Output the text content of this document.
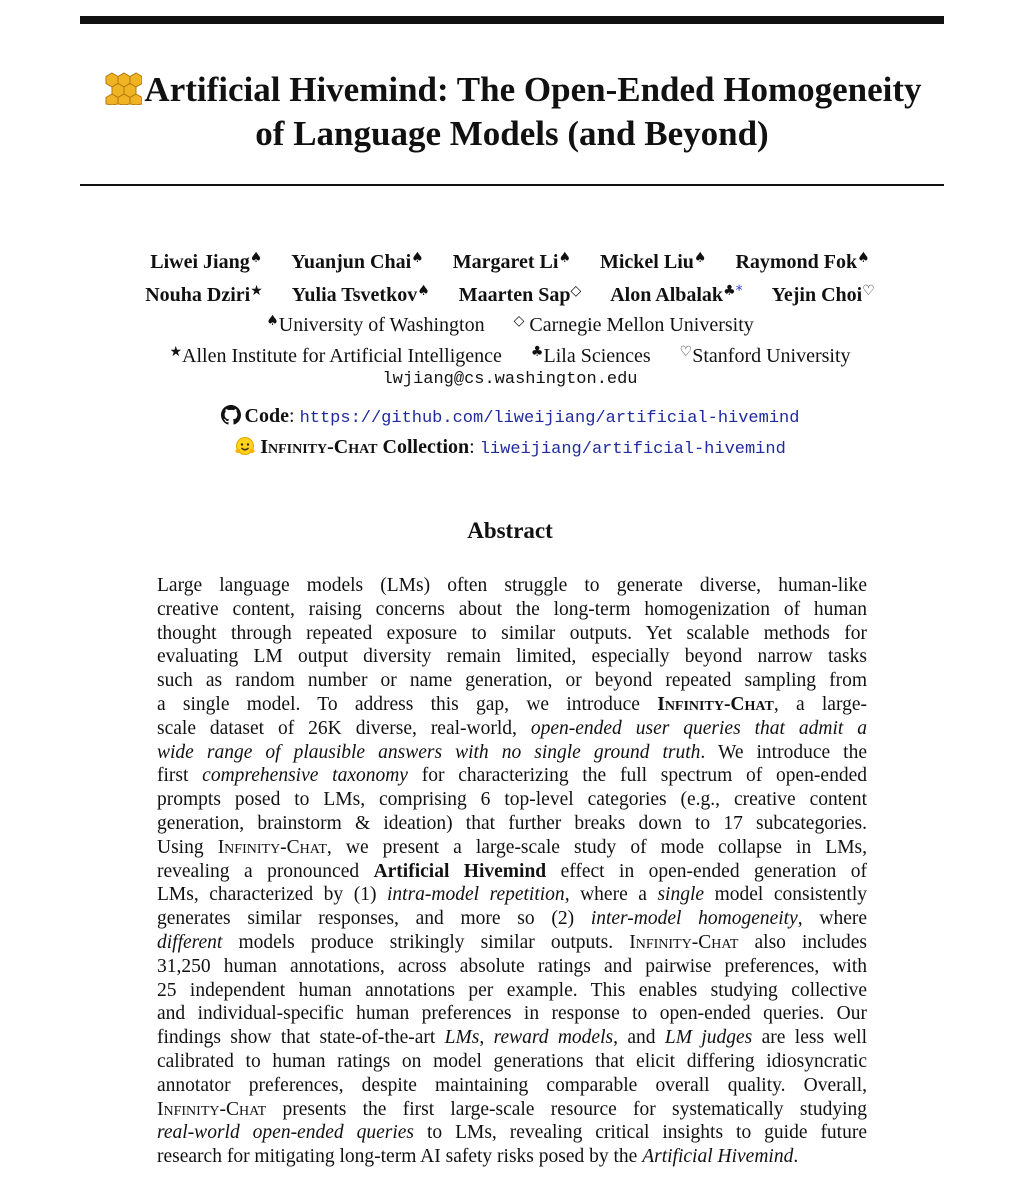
Artificial Hivemind: The Open-Ended Homogeneity
of Language Models (and Beyond)
Liwei Jiang♠ Yuanjun Chai♠ Margaret Li♠ Mickel Liu♠ Raymond Fok♠
Nouha Dziri★ Yulia Tsvetkov♠ Maarten Sap◇ Alon Albalak♣* Yejin Choi♡
♠University of Washington ◇ Carnegie Mellon University
★Allen Institute for Artificial Intelligence ♣Lila Sciences ♡Stanford University
lwjiang@cs.washington.edu
Code: https://github.com/liweijiang/artificial-hivemind
Infinity-Chat Collection: liweijiang/artificial-hivemind
Abstract
Large language models (LMs) often struggle to generate diverse, human-like
creative content, raising concerns about the long-term homogenization of human
thought through repeated exposure to similar outputs. Yet scalable methods for
evaluating LM output diversity remain limited, especially beyond narrow tasks
such as random number or name generation, or beyond repeated sampling from
a single model. To address this gap, we introduce Infinity-Chat, a large-
scale dataset of 26K diverse, real-world, open-ended user queries that admit a
wide range of plausible answers with no single ground truth. We introduce the
first comprehensive taxonomy for characterizing the full spectrum of open-ended
prompts posed to LMs, comprising 6 top-level categories (e.g., creative content
generation, brainstorm & ideation) that further breaks down to 17 subcategories.
Using Infinity-Chat, we present a large-scale study of mode collapse in LMs,
revealing a pronounced Artificial Hivemind effect in open-ended generation of
LMs, characterized by (1) intra-model repetition, where a single model consistently
generates similar responses, and more so (2) inter-model homogeneity, where
different models produce strikingly similar outputs. Infinity-Chat also includes
31,250 human annotations, across absolute ratings and pairwise preferences, with
25 independent human annotations per example. This enables studying collective
and individual-specific human preferences in response to open-ended queries. Our
findings show that state-of-the-art LMs, reward models, and LM judges are less well
calibrated to human ratings on model generations that elicit differing idiosyncratic
annotator preferences, despite maintaining comparable overall quality. Overall,
Infinity-Chat presents the first large-scale resource for systematically studying
real-world open-ended queries to LMs, revealing critical insights to guide future
research for mitigating long-term AI safety risks posed by the Artificial Hivemind.
